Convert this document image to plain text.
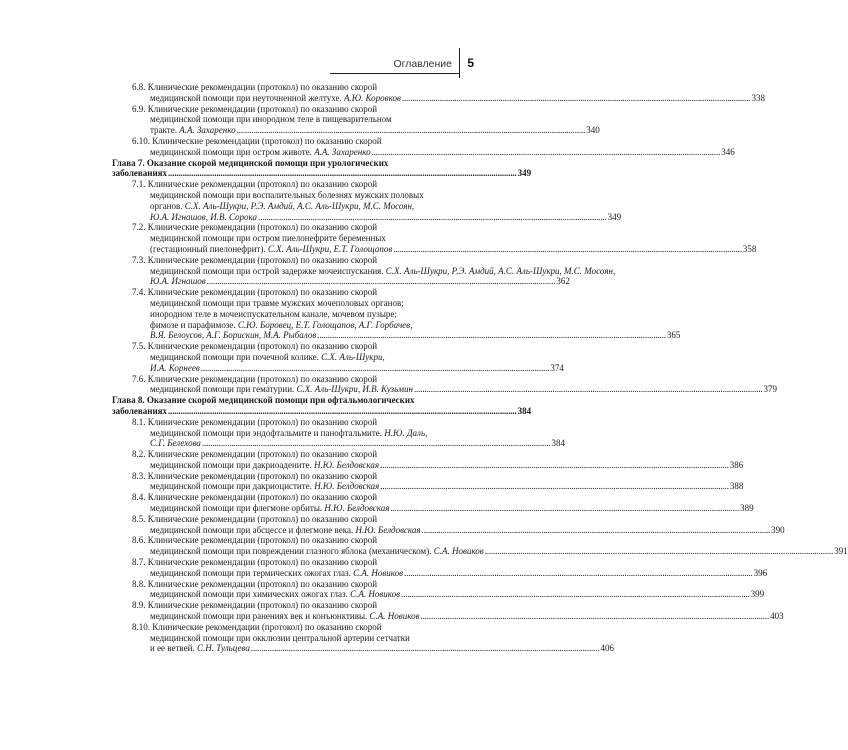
Оглавление 5
6.8. Клинические рекомендации (протокол) по оказанию скорой
медицинской помощи при неуточненной желтухе. А.Ю. Коровков . . .	338
6.9. Клинические рекомендации (протокол) по оказанию скорой
медицинской помощи при инородном теле в пищеварительном
тракте. А.А. Захаренко . . .	340
6.10. Клинические рекомендации (протокол) по оказанию скорой
медицинской помощи при остром животе. А.А. Захаренко . . .	346
Глава 7. Оказание скорой медицинской помощи при урологических
заболеваниях . . .	349
7.1. Клинические рекомендации (протокол) по оказанию скорой
медицинской помощи при воспалительных болезнях мужских половых
органов. С.Х. Аль-Шукри, Р.Э. Амдий, А.С. Аль-Шукри, М.С. Мосоян,
Ю.А. Игнашов, И.В. Сорока . . .	349
7.2. Клинические рекомендации (протокол) по оказанию скорой
медицинской помощи при остром пиелонефрите беременных
(гестационный пиелонефрит). С.Х. Аль-Шукри, Е.Т. Голощапов . . .	358
7.3. Клинические рекомендации (протокол) по оказанию скорой
медицинской помощи при острой задержке мочеиспускания. С.Х. Аль-Шукри, Р.Э. Амдий, А.С. Аль-Шукри, М.С. Мосоян,
Ю.А. Игнашов . . .	362
7.4. Клинические рекомендации (протокол) по оказанию скорой
медицинской помощи при травме мужских мочеполовых органов;
инородном теле в мочеиспускательном канале, мочевом пузыре;
фимозе и парафимозе. С.Ю. Боровец, Е.Т. Голощапов, А.Г. Горбачев,
В.Я. Белоусов, А.Г. Борискин, М.А. Рыбалов . . .	365
7.5. Клинические рекомендации (протокол) по оказанию скорой
медицинской помощи при почечной колике. С.Х. Аль-Шукри,
И.А. Корнеев . . .	374
7.6. Клинические рекомендации (протокол) по оказанию скорой
медицинской помощи при гематурии. С.Х. Аль-Шукри, И.В. Кузьмин . . .	379
Глава 8. Оказание скорой медицинской помощи при офтальмологических
заболеваниях . . .	384
8.1. Клинические рекомендации (протокол) по оказанию скорой
медицинской помощи при эндофтальмите и панофтальмите. Н.Ю. Даль,
С.Г. Белехова . . .	384
8.2. Клинические рекомендации (протокол) по оказанию скорой
медицинской помощи при дакриоадените. Н.Ю. Белдовская . . .	386
8.3. Клинические рекомендации (протокол) по оказанию скорой
медицинской помощи при дакриоцистите. Н.Ю. Белдовская . . .	388
8.4. Клинические рекомендации (протокол) по оказанию скорой
медицинской помощи при флегмоне орбиты. Н.Ю. Белдовская . . .	389
8.5. Клинические рекомендации (протокол) по оказанию скорой
медицинской помощи при абсцессе и флегмоне века. Н.Ю. Белдовская . . .	390
8.6. Клинические рекомендации (протокол) по оказанию скорой
медицинской помощи при повреждении глазного яблока (механическом). С.А. Новиков . . .	391
8.7. Клинические рекомендации (протокол) по оказанию скорой
медицинской помощи при термических ожогах глаз. С.А. Новиков . . .	396
8.8. Клинические рекомендации (протокол) по оказанию скорой
медицинской помощи при химических ожогах глаз. С.А. Новиков . . .	399
8.9. Клинические рекомендации (протокол) по оказанию скорой
медицинской помощи при ранениях век и конъюнктивы. С.А. Новиков . . .	403
8.10. Клинические рекомендации (протокол) по оказанию скорой
медицинской помощи при окклюзии центральной артерии сетчатки
и ее ветвей. С.Н. Тульцева . . .	406
